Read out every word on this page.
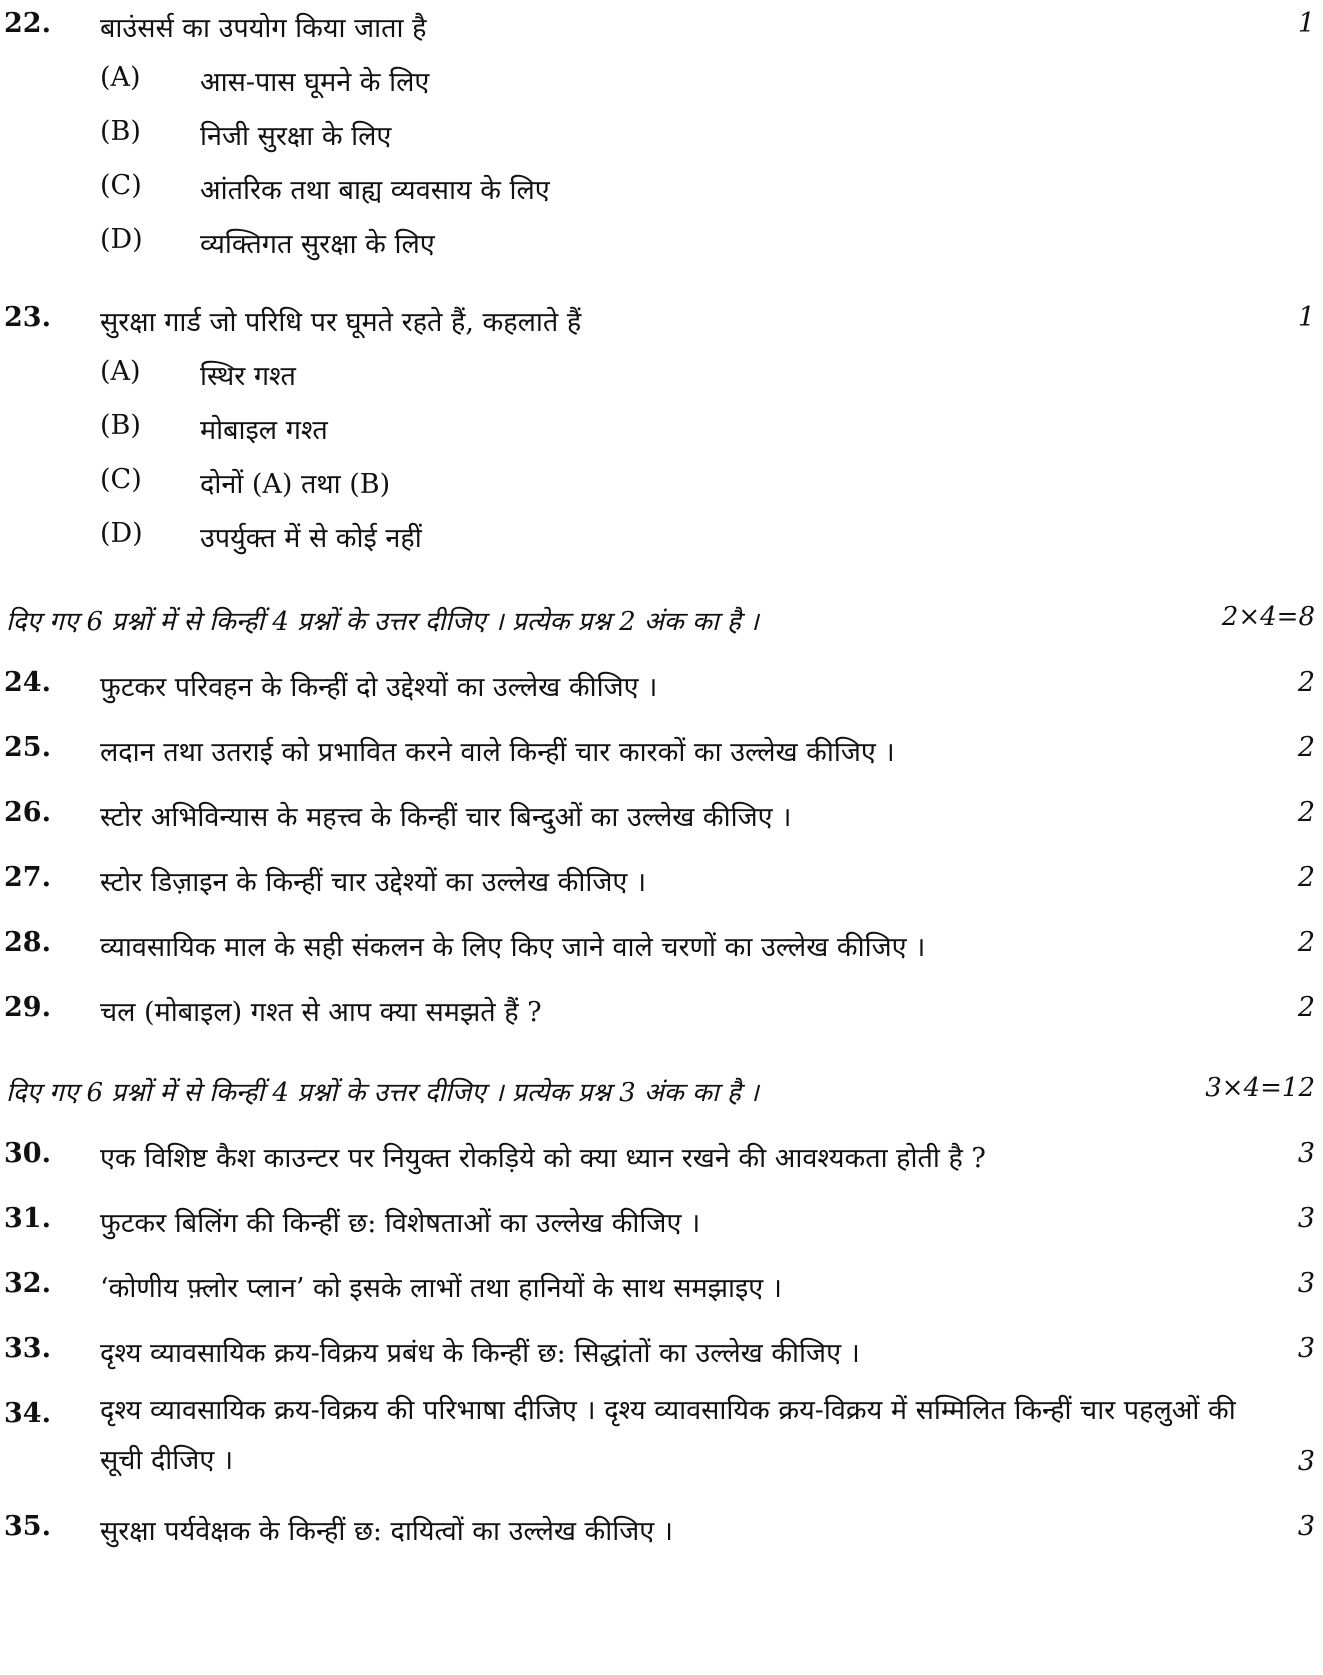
22. बाउंसर्स का उपयोग किया जाता है	1
(A) आस-पास घूमने के लिए
(B) निजी सुरक्षा के लिए
(C) आंतरिक तथा बाह्य व्यवसाय के लिए
(D) व्यक्तिगत सुरक्षा के लिए
23. सुरक्षा गार्ड जो परिधि पर घूमते रहते हैं, कहलाते हैं	1
(A) स्थिर गश्त
(B) मोबाइल गश्त
(C) दोनों (A) तथा (B)
(D) उपर्युक्त में से कोई नहीं
दिए गए 6 प्रश्नों में से किन्हीं 4 प्रश्नों के उत्तर दीजिए । प्रत्येक प्रश्न 2 अंक का है ।	2×4=8
24. फुटकर परिवहन के किन्हीं दो उद्देश्यों का उल्लेख कीजिए ।	2
25. लदान तथा उतराई को प्रभावित करने वाले किन्हीं चार कारकों का उल्लेख कीजिए ।	2
26. स्टोर अभिविन्यास के महत्त्व के किन्हीं चार बिन्दुओं का उल्लेख कीजिए ।	2
27. स्टोर डिज़ाइन के किन्हीं चार उद्देश्यों का उल्लेख कीजिए ।	2
28. व्यावसायिक माल के सही संकलन के लिए किए जाने वाले चरणों का उल्लेख कीजिए ।	2
29. चल (मोबाइल) गश्त से आप क्या समझते हैं ?	2
दिए गए 6 प्रश्नों में से किन्हीं 4 प्रश्नों के उत्तर दीजिए । प्रत्येक प्रश्न 3 अंक का है ।	3×4=12
30. एक विशिष्ट कैश काउन्टर पर नियुक्त रोकड़िये को क्या ध्यान रखने की आवश्यकता होती है ?	3
31. फुटकर बिलिंग की किन्हीं छ: विशेषताओं का उल्लेख कीजिए ।	3
32. ‘कोणीय फ़्लोर प्लान’ को इसके लाभों तथा हानियों के साथ समझाइए ।	3
33. दृश्य व्यावसायिक क्रय-विक्रय प्रबंध के किन्हीं छ: सिद्धांतों का उल्लेख कीजिए ।	3
34. दृश्य व्यावसायिक क्रय-विक्रय की परिभाषा दीजिए । दृश्य व्यावसायिक क्रय-विक्रय में सम्मिलित किन्हीं चार पहलुओं की सूची दीजिए ।	3
35. सुरक्षा पर्यवेक्षक के किन्हीं छ: दायित्वों का उल्लेख कीजिए ।	3
